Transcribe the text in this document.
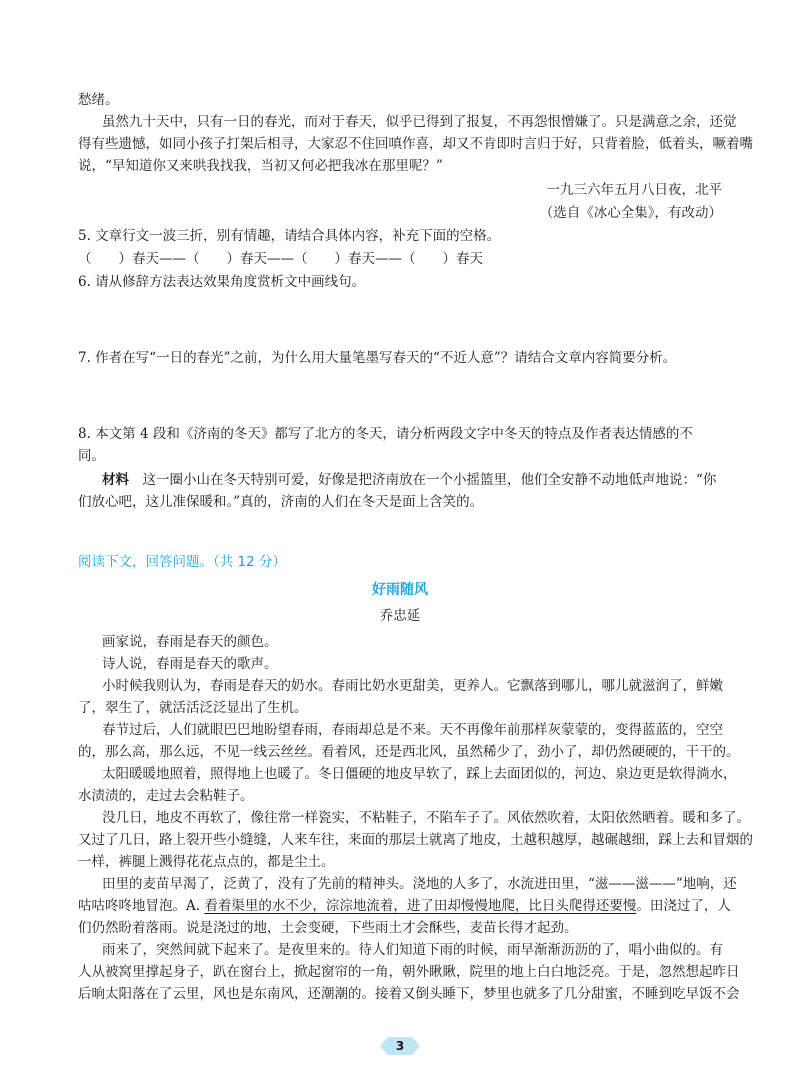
愁绪。
虽然九十天中，只有一日的春光，而对于春天，似乎已得到了报复，不再怨恨憎嫌了。只是满意之余，还觉
得有些遗憾，如同小孩子打架后相寻，大家忍不住回嗔作喜，却又不肯即时言归于好，只背着脸，低着头，噘着嘴
说，“早知道你又来哄我找我，当初又何必把我冰在那里呢？”
一九三六年五月八日夜，北平
（选自《冰心全集》，有改动）
5. 文章行文一波三折，别有情趣，请结合具体内容，补充下面的空格。
（　　）春天——（　　）春天——（　　）春天——（　　）春天
6. 请从修辞方法表达效果角度赏析文中画线句。
7. 作者在写“一日的春光”之前，为什么用大量笔墨写春天的“不近人意”？请结合文章内容简要分析。
8. 本文第 4 段和《济南的冬天》都写了北方的冬天，请分析两段文字中冬天的特点及作者表达情感的不
同。
材料　 这一圈小山在冬天特别可爱，好像是把济南放在一个小摇篮里，他们全安静不动地低声地说：“你
们放心吧，这儿准保暖和。”真的，济南的人们在冬天是面上含笑的。
阅读下文，回答问题。（共 12 分）
好雨随风
乔忠延
画家说，春雨是春天的颜色。
诗人说，春雨是春天的歌声。
小时候我则认为，春雨是春天的奶水。春雨比奶水更甜美，更养人。它飘落到哪儿，哪儿就滋润了，鲜嫩
了，翠生了，就活活泛泛显出了生机。
春节过后，人们就眼巴巴地盼望春雨，春雨却总是不来。天不再像年前那样灰蒙蒙的，变得蓝蓝的，空空
的，那么高，那么远，不见一线云丝丝。看着风，还是西北风，虽然稀少了，劲小了，却仍然硬硬的，干干的。
太阳暖暖地照着，照得地上也暖了。冬日僵硬的地皮早软了，踩上去面团似的，河边、泉边更是软得淌水，
水渍渍的，走过去会粘鞋子。
没几日，地皮不再软了，像往常一样瓷实，不粘鞋子，不陷车子了。风依然吹着，太阳依然晒着。暖和多了。
又过了几日，路上裂开些小缝缝，人来车往，来面的那层土就离了地皮，土越积越厚，越碾越细，踩上去和冒烟的
一样，裤腿上溅得花花点点的，都是尘土。
田里的麦苗早渴了，泛黄了，没有了先前的精神头。浇地的人多了，水流进田里，“滋——滋——”地响，还
咕咕咚咚地冒泡。A. 看着渠里的水不少，淙淙地流着，进了田却慢慢地爬，比日头爬得还要慢。田浇过了，人
们仍然盼着落雨。说是浇过的地，土会变硬，下些雨土才会酥些，麦苗长得才起劲。
雨来了，突然间就下起来了。是夜里来的。待人们知道下雨的时候，雨早渐渐沥沥的了，唱小曲似的。有
人从被窝里撑起身子，趴在窗台上，掀起窗帘的一角，朝外瞅瞅，院里的地上白白地泛亮。于是，忽然想起昨日
后晌太阳落在了云里，风也是东南风，还潮潮的。接着又倒头睡下，梦里也就多了几分甜蜜，不睡到吃早饭不会
3
